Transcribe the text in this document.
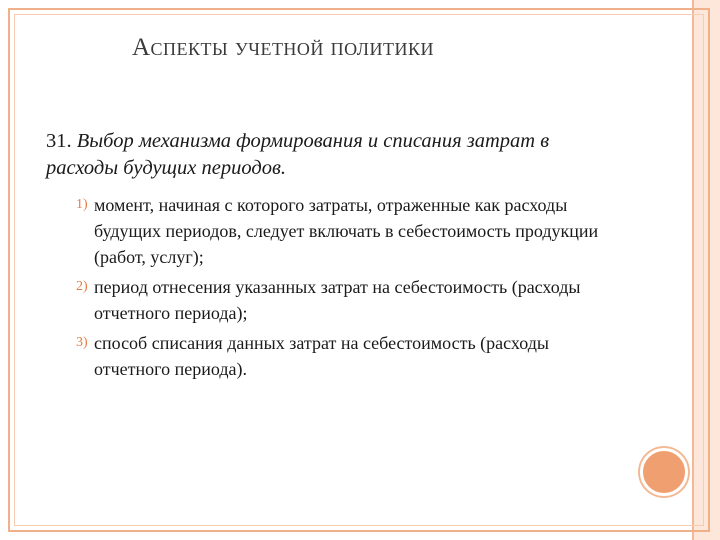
Аспекты учетной политики

31. Выбор механизма формирования и списания затрат в расходы будущих периодов.

1) момент, начиная с которого затраты, отраженные как расходы будущих периодов, следует включать в себестоимость продукции (работ, услуг);
2) период отнесения указанных затрат на себестоимость (расходы отчетного периода);
3) способ списания данных затрат на себестоимость (расходы отчетного периода).
